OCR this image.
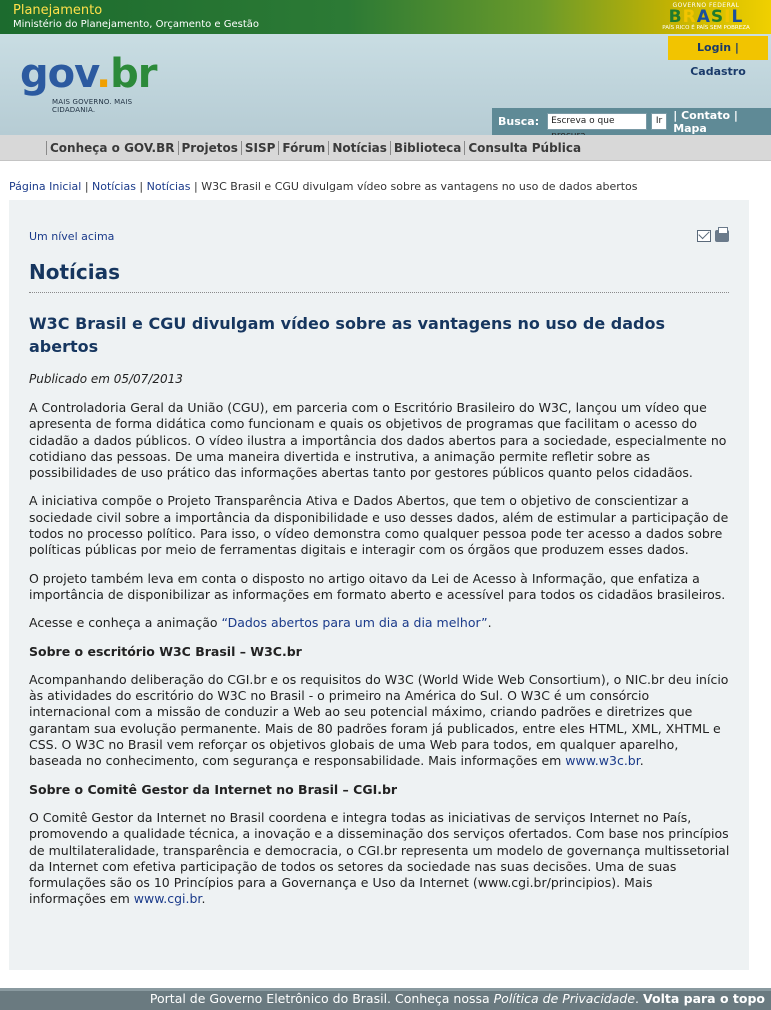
Planejamento
Ministério do Planejamento, Orçamento e Gestão
GOVERNO FEDERAL
BRASIL
PAÍS RICO É PAÍS SEM POBREZA
gov.br
MAIS GOVERNO. MAIS CIDADANIA.
Login | Cadastro
Busca:	Escreva o que	Ir	| Contato | Mapa
Conheça o GOV.BR Projetos SISP Fórum Notícias Biblioteca Consulta Pública
Página Inicial | Notícias | Notícias | W3C Brasil e CGU divulgam vídeo sobre as vantagens no uso de dados abertos
Um nível acima
Notícias
W3C Brasil e CGU divulgam vídeo sobre as vantagens no uso de dados abertos
Publicado em 05/07/2013

A Controladoria Geral da União (CGU), em parceria com o Escritório Brasileiro do W3C, lançou um vídeo que apresenta de forma didática como funcionam e quais os objetivos de programas que facilitam o acesso do cidadão a dados públicos. O vídeo ilustra a importância dos dados abertos para a sociedade, especialmente no cotidiano das pessoas. De uma maneira divertida e instrutiva, a animação permite refletir sobre as possibilidades de uso prático das informações abertas tanto por gestores públicos quanto pelos cidadãos.

A iniciativa compõe o Projeto Transparência Ativa e Dados Abertos, que tem o objetivo de conscientizar a sociedade civil sobre a importância da disponibilidade e uso desses dados, além de estimular a participação de todos no processo político. Para isso, o vídeo demonstra como qualquer pessoa pode ter acesso a dados sobre políticas públicas por meio de ferramentas digitais e interagir com os órgãos que produzem esses dados.

O projeto também leva em conta o disposto no artigo oitavo da Lei de Acesso à Informação, que enfatiza a importância de disponibilizar as informações em formato aberto e acessível para todos os cidadãos brasileiros.

Acesse e conheça a animação “Dados abertos para um dia a dia melhor”.

Sobre o escritório W3C Brasil – W3C.br

Acompanhando deliberação do CGI.br e os requisitos do W3C (World Wide Web Consortium), o NIC.br deu início às atividades do escritório do W3C no Brasil - o primeiro na América do Sul. O W3C é um consórcio internacional com a missão de conduzir a Web ao seu potencial máximo, criando padrões e diretrizes que garantam sua evolução permanente. Mais de 80 padrões foram já publicados, entre eles HTML, XML, XHTML e CSS. O W3C no Brasil vem reforçar os objetivos globais de uma Web para todos, em qualquer aparelho, baseada no conhecimento, com segurança e responsabilidade. Mais informações em www.w3c.br.

Sobre o Comitê Gestor da Internet no Brasil – CGI.br

O Comitê Gestor da Internet no Brasil coordena e integra todas as iniciativas de serviços Internet no País, promovendo a qualidade técnica, a inovação e a disseminação dos serviços ofertados. Com base nos princípios de multilateralidade, transparência e democracia, o CGI.br representa um modelo de governança multissetorial da Internet com efetiva participação de todos os setores da sociedade nas suas decisões. Uma de suas formulações são os 10 Princípios para a Governança e Uso da Internet (www.cgi.br/principios). Mais informações em www.cgi.br.

Portal de Governo Eletrônico do Brasil. Conheça nossa Política de Privacidade. Volta para o topo
